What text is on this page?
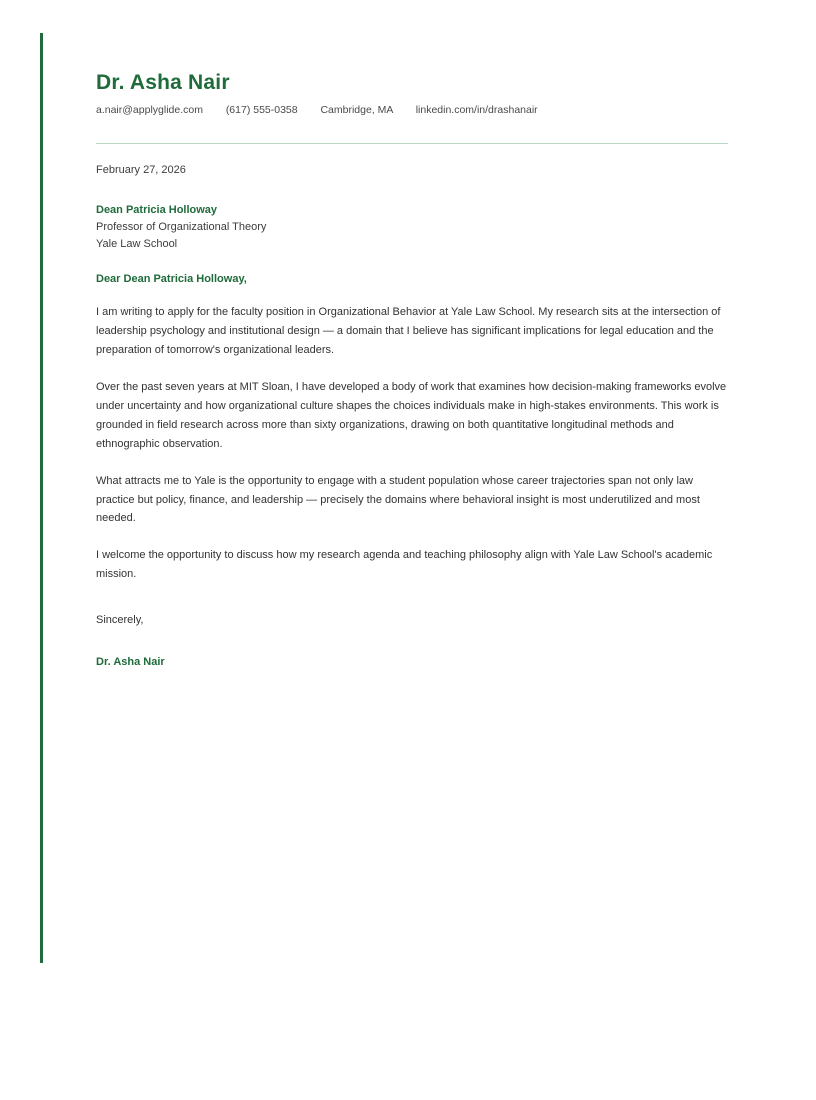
Dr. Asha Nair

a.nair@applyglide.com (617) 555-0358 Cambridge, MA linkedin.com/in/drashanair

February 27, 2026
Dean Patricia Holloway
Professor of Organizational Theory
Yale Law School
Dear Dean Patricia Holloway,

I am writing to apply for the faculty position in Organizational Behavior at Yale Law School. My research sits at the intersection of leadership psychology and institutional design — a domain that I believe has significant implications for legal education and the preparation of tomorrow's organizational leaders.

Over the past seven years at MIT Sloan, I have developed a body of work that examines how decision-making frameworks evolve under uncertainty and how organizational culture shapes the choices individuals make in high-stakes environments. This work is grounded in field research across more than sixty organizations, drawing on both quantitative longitudinal methods and ethnographic observation.

What attracts me to Yale is the opportunity to engage with a student population whose career trajectories span not only law practice but policy, finance, and leadership — precisely the domains where behavioral insight is most underutilized and most needed.

I welcome the opportunity to discuss how my research agenda and teaching philosophy align with Yale Law School's academic mission.

Sincerely,
Dr. Asha Nair
